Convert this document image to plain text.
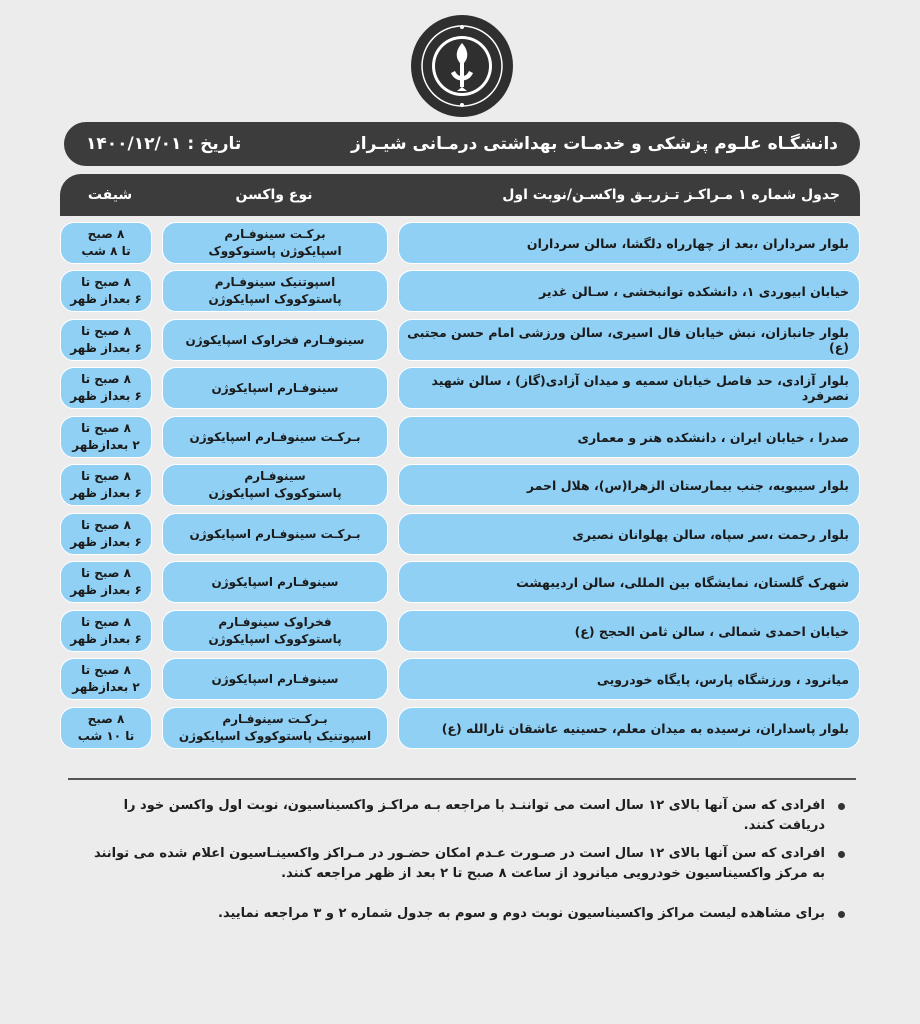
دانشگـاه علـوم پزشکی و خدمـات بهداشتی درمـانی شیـراز
تاریخ : ۱۴۰۰/۱۲/۰۱
جدول شماره ۱ مـراکـز تـزریـق واکسـن/نوبت اول
نوع واکسن
شیفت
بلوار سرداران ،بعد از چهارراه دلگشا، سالن سرداران
برکـت سینوفـارم
اسپایکوژن پاستوکووک
۸ صبح
تا ۸ شب
خیابان ابیوردی ۱، دانشکده توانبخشی ، سـالن غدیر
اسپوتنیک سینوفـارم
پاستوکووک اسپایکوژن
۸ صبح تا
۶ بعداز ظهر
بلوار جانبازان، نبش خیابان فال اسیری، سالن ورزشی امام حسن مجتبی (ع)
سینوفـارم فخراوک اسپایکوژن
۸ صبح تا
۶ بعداز ظهر
بلوار آزادی، حد فاصل خیابان سمیه و میدان آزادی(گاز) ، سالن شهید نصرفرد
سینوفـارم اسپایکوژن
۸ صبح تا
۶ بعداز ظهر
صدرا ، خیابان ایران ، دانشکده هنر و معماری
بـرکـت سینوفـارم اسپایکوژن
۸ صبح تا
۲ بعدازظهر
بلوار سیبویه، جنب بیمارستان الزهرا(س)، هلال احمر
سینوفـارم
پاستوکووک اسپایکوژن
۸ صبح تا
۶ بعداز ظهر
بلوار رحمت ،سر سپاه، سالن پهلوانان نصیری
بـرکـت سینوفـارم اسپایکوژن
۸ صبح تا
۶ بعداز ظهر
شهرک گلستان، نمایشگاه بین المللی، سالن اردیبهشت
سینوفـارم اسپایکوژن
۸ صبح تا
۶ بعداز ظهر
خیابان احمدی شمالی ، سالن ثامن الحجج (ع)
فخراوک سینوفـارم
پاستوکووک اسپایکوژن
۸ صبح تا
۶ بعداز ظهر
میانرود ، ورزشگاه پارس، پایگاه خودرویی
سینوفـارم اسپایکوژن
۸ صبح تا
۲ بعدازظهر
بلوار پاسداران، نرسیده به میدان معلم، حسینیه عاشقان ثارالله (ع)
بـرکـت سینوفـارم
اسپوتنیک پاستوکووک اسپایکوژن
۸ صبح
تا ۱۰ شب
افرادی که سن آنها بالای ۱۲ سال است می تواننـد با مراجعه بـه مراکـز واکسیناسیون، نوبت اول واکسن خود را دریافت کنند.
افرادی که سن آنها بالای ۱۲ سال است در صـورت عـدم امکان حضـور در مـراکز واکسینـاسیون اعلام شده می توانند به مرکز واکسیناسیون خودرویی میانرود از ساعت ۸ صبح تا ۲ بعد از ظهر مراجعه کنند.
برای مشاهده لیست مراکز واکسیناسیون نوبت دوم و سوم به جدول شماره ۲ و ۳ مراجعه نمایید.
